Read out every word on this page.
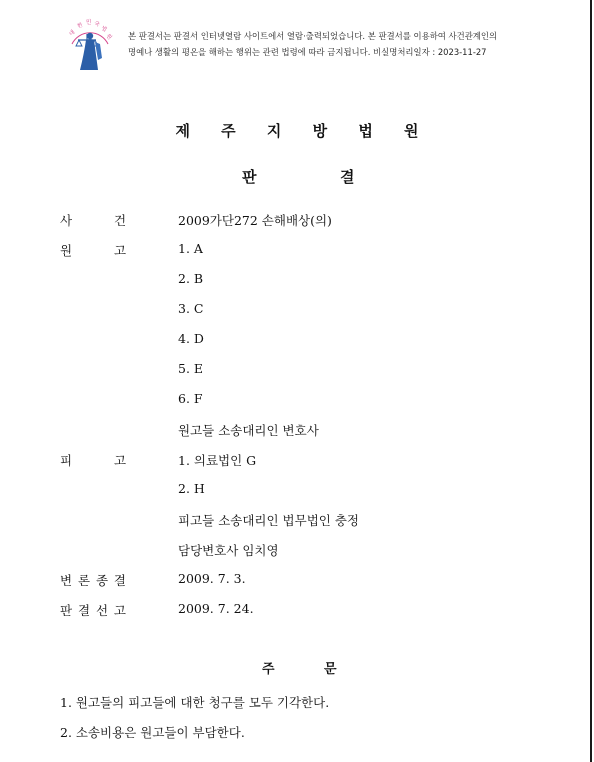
대
한 민 국
법
원 본 판결서는 판결서 인터넷열람 사이트에서 열람·출력되었습니다. 본 판결서를 이용하여 사건관계인의
명예나 생활의 평온을 해하는 행위는 관련 법령에 따라 금지됩니다. 비실명처리일자 : 2023-11-27
제 주 지 방 법 원
판	결
사	건	2009가단272 손해배상(의)
원	고	1. A
2. B
3. C
4. D
5. E
6. F
원고들 소송대리인 변호사
피	고	1. 의료법인 G
2. H
피고들 소송대리인 법무법인 충정
담당변호사 임치영
변 론 종 결	2009. 7. 3.
판 결 선 고	2009. 7. 24.
주	문
1. 원고들의 피고들에 대한 청구를 모두 기각한다.
2. 소송비용은 원고들이 부담한다.
